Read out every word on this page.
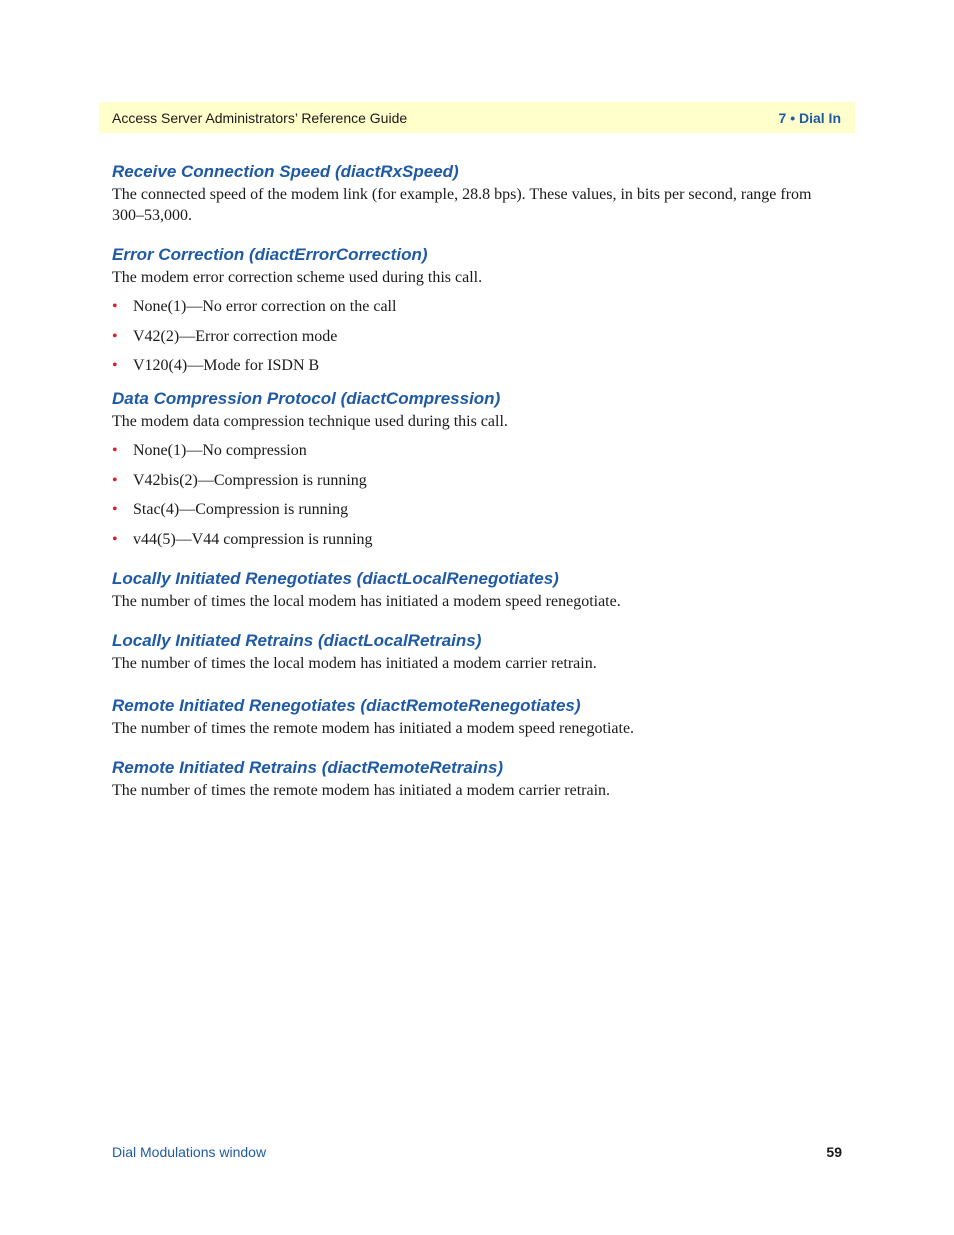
Access Server Administrators’ Reference Guide	7 • Dial In
Receive Connection Speed (diactRxSpeed)

The connected speed of the modem link (for example, 28.8 bps). These values, in bits per second, range from 300–53,000.

Error Correction (diactErrorCorrection)

The modem error correction scheme used during this call.

• None(1)—No error correction on the call
• V42(2)—Error correction mode
• V120(4)—Mode for ISDN B
Data Compression Protocol (diactCompression)

The modem data compression technique used during this call.

• None(1)—No compression
• V42bis(2)—Compression is running
• Stac(4)—Compression is running
• v44(5)—V44 compression is running
Locally Initiated Renegotiates (diactLocalRenegotiates)

The number of times the local modem has initiated a modem speed renegotiate.

Locally Initiated Retrains (diactLocalRetrains)

The number of times the local modem has initiated a modem carrier retrain.

Remote Initiated Renegotiates (diactRemoteRenegotiates)

The number of times the remote modem has initiated a modem speed renegotiate.

Remote Initiated Retrains (diactRemoteRetrains)

The number of times the remote modem has initiated a modem carrier retrain.

Dial Modulations window	59
